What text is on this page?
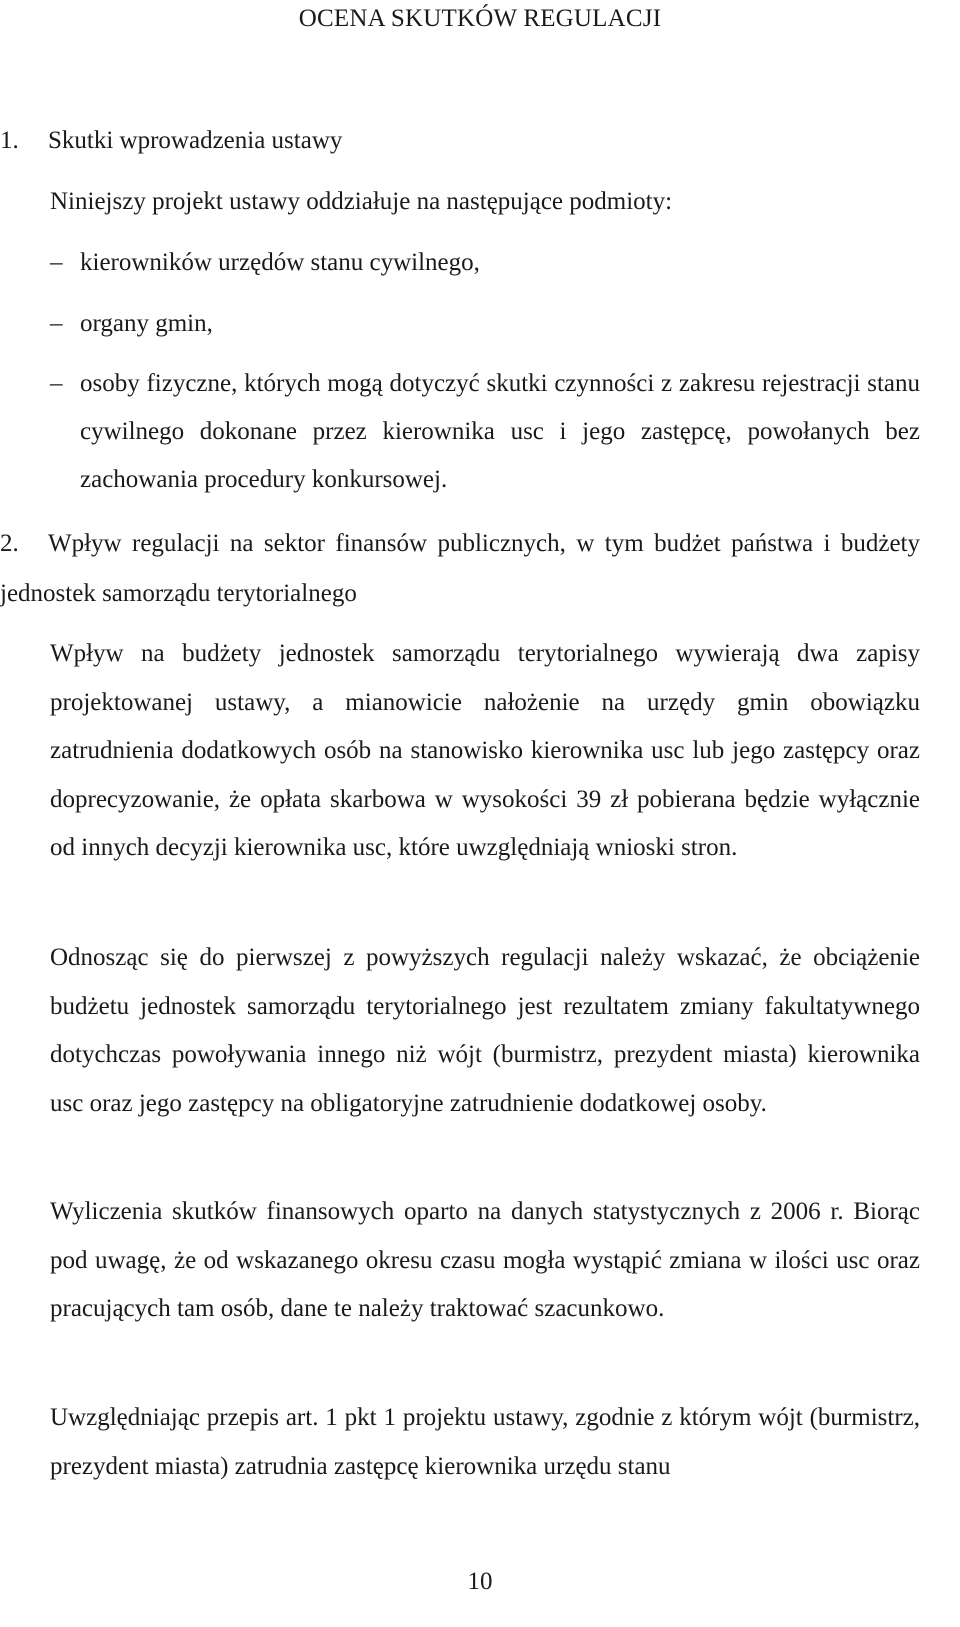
OCENA SKUTKÓW REGULACJI
1. Skutki wprowadzenia ustawy

Niniejszy projekt ustawy oddziałuje na następujące podmioty:

– kierowników urzędów stanu cywilnego,
– organy gmin,
– osoby fizyczne, których mogą dotyczyć skutki czynności z zakresu rejestracji stanu cywilnego dokonane przez kierownika usc i jego zastępcę, powołanych bez zachowania procedury konkursowej.
2. Wpływ regulacji na sektor finansów publicznych, w tym budżet państwa i budżety jednostek samorządu terytorialnego

Wpływ na budżety jednostek samorządu terytorialnego wywierają dwa zapisy projektowanej ustawy, a mianowicie nałożenie na urzędy gmin obowiązku zatrudnienia dodatkowych osób na stanowisko kierownika usc lub jego zastępcy oraz doprecyzowanie, że opłata skarbowa w wysokości 39 zł pobierana będzie wyłącznie od innych decyzji kierownika usc, które uwzględniają wnioski stron.

Odnosząc się do pierwszej z powyższych regulacji należy wskazać, że obciążenie budżetu jednostek samorządu terytorialnego jest rezultatem zmiany fakultatywnego dotychczas powoływania innego niż wójt (burmistrz, prezydent miasta) kierownika usc oraz jego zastępcy na obligatoryjne zatrudnienie dodatkowej osoby.

Wyliczenia skutków finansowych oparto na danych statystycznych z 2006 r. Biorąc pod uwagę, że od wskazanego okresu czasu mogła wystąpić zmiana w ilości usc oraz pracujących tam osób, dane te należy traktować szacunkowo.

Uwzględniając przepis art. 1 pkt 1 projektu ustawy, zgodnie z którym wójt (burmistrz, prezydent miasta) zatrudnia zastępcę kierownika urzędu stanu

10
